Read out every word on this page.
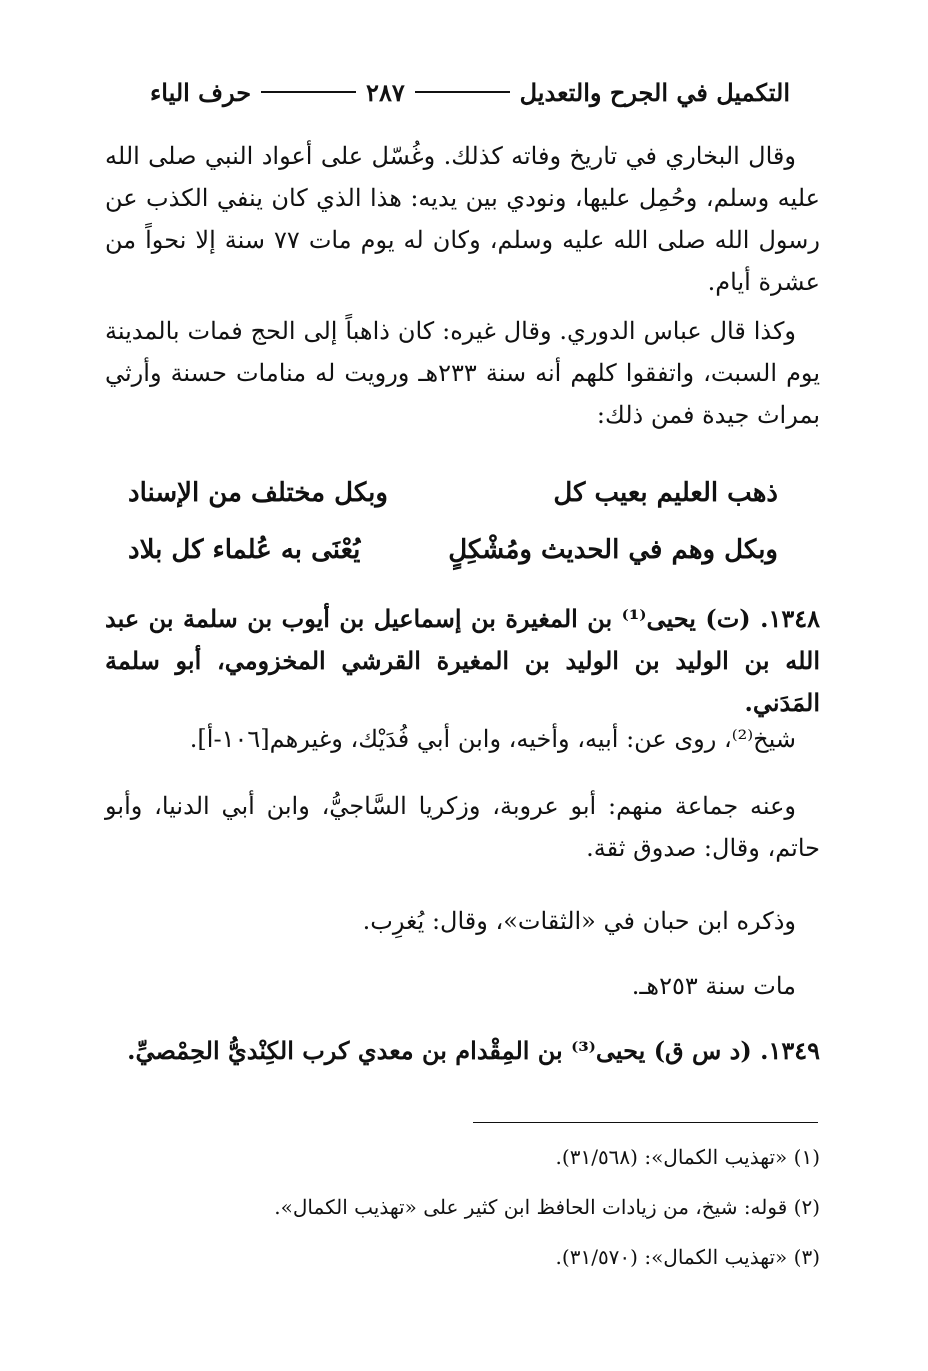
التكميل في الجرح والتعديل
٢٨٧
حرف الياء
وقال البخاري في تاريخ وفاته كذلك. وغُسّل على أعواد النبي صلى الله عليه وسلم، وحُمِل عليها، ونودي بين يديه: هذا الذي كان ينفي الكذب عن رسول الله صلى الله عليه وسلم، وكان له يوم مات ٧٧ سنة إلا نحواً من عشرة أيام.
وكذا قال عباس الدوري. وقال غيره: كان ذاهباً إلى الحج فمات بالمدينة يوم السبت، واتفقوا كلهم أنه سنة ٢٣٣هـ ورويت له منامات حسنة وأرثي بمراث جيدة فمن ذلك:
ذهب العليم بعيب كل
وبكل مختلف من الإسناد
وبكل وهم في الحديث ومُشْكِلٍ
يُعْنَى به عُلماء كل بلاد
١٣٤٨. (ت) يحيى⁽¹⁾ بن المغيرة بن إسماعيل بن أيوب بن سلمة بن عبد الله بن الوليد بن الوليد بن المغيرة القرشي المخزومي، أبو سلمة المَدَني.
شيخ⁽²⁾، روى عن: أبيه، وأخيه، وابن أبي فُدَيْك، وغيرهم[١٠٦-أ].
وعنه جماعة منهم: أبو عروبة، وزكريا السَّاجيُّ، وابن أبي الدنيا، وأبو حاتم، وقال: صدوق ثقة.
وذكره ابن حبان في «الثقات»، وقال: يُغرِب.
مات سنة ٢٥٣هـ.
١٣٤٩. (د س ق) يحيى⁽³⁾ بن المِقْدام بن معدي كرب الكِنْديُّ الحِمْصيِّ.
(١) «تهذيب الكمال»: (٣١/٥٦٨).
(٢) قوله: شيخ، من زيادات الحافظ ابن كثير على «تهذيب الكمال».
(٣) «تهذيب الكمال»: (٣١/٥٧٠).
